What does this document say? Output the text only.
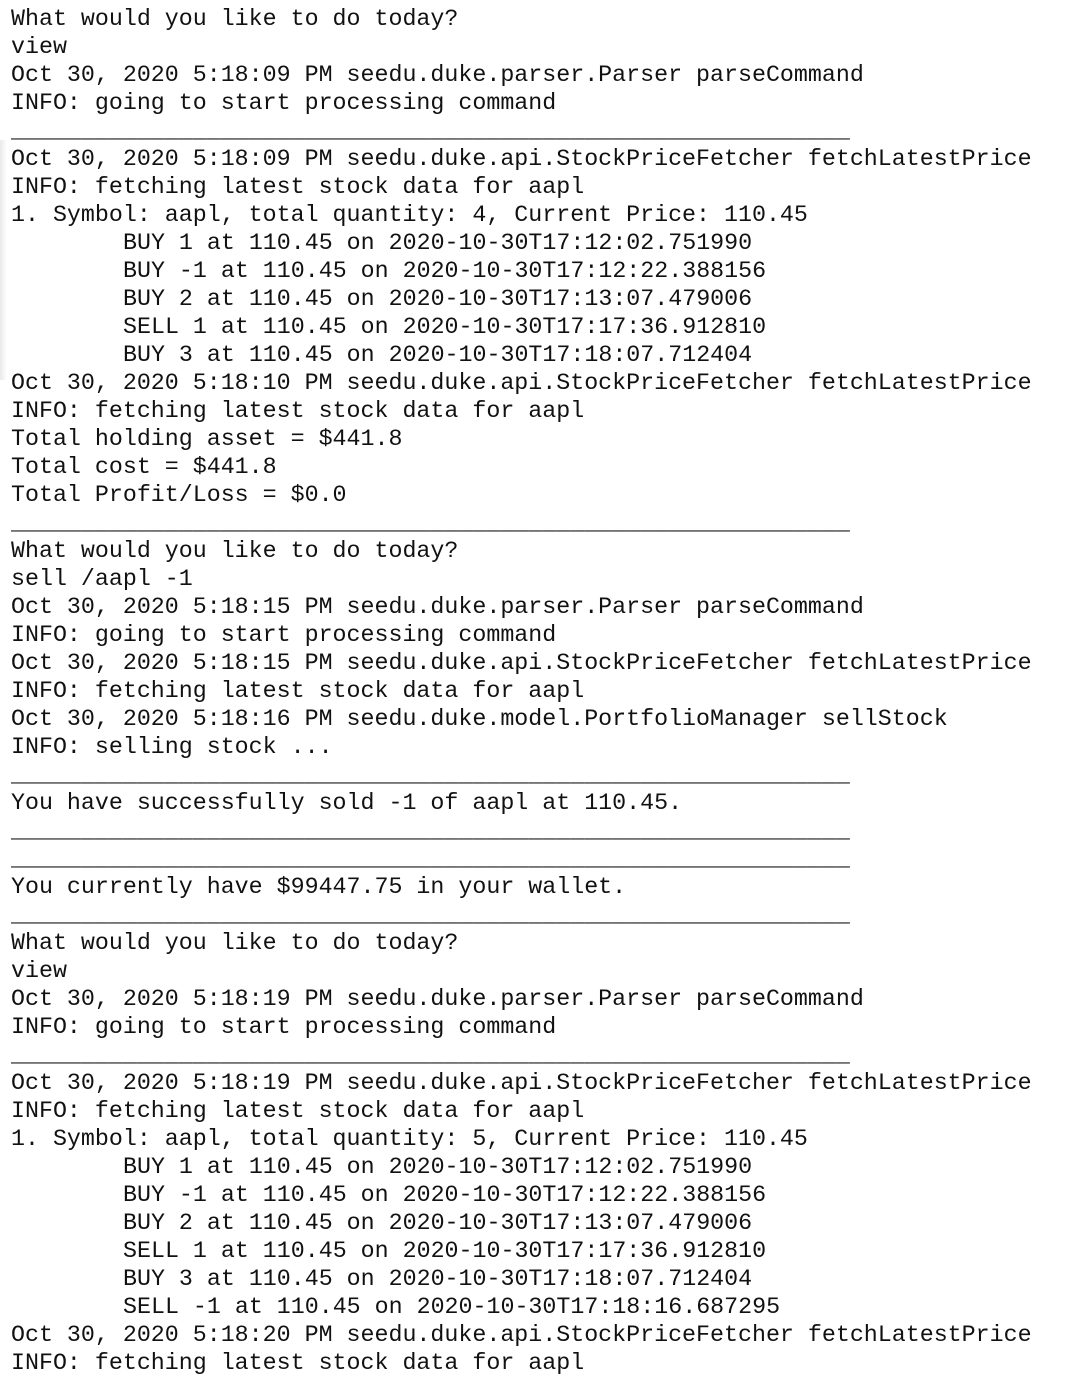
What would you like to do today?
view
Oct 30, 2020 5:18:09 PM seedu.duke.parser.Parser parseCommand
INFO: going to start processing command
____________________________________________________________
Oct 30, 2020 5:18:09 PM seedu.duke.api.StockPriceFetcher fetchLatestPrice
INFO: fetching latest stock data for aapl
1. Symbol: aapl, total quantity: 4, Current Price: 110.45
BUY 1 at 110.45 on 2020-10-30T17:12:02.751990
BUY -1 at 110.45 on 2020-10-30T17:12:22.388156
BUY 2 at 110.45 on 2020-10-30T17:13:07.479006
SELL 1 at 110.45 on 2020-10-30T17:17:36.912810
BUY 3 at 110.45 on 2020-10-30T17:18:07.712404
Oct 30, 2020 5:18:10 PM seedu.duke.api.StockPriceFetcher fetchLatestPrice
INFO: fetching latest stock data for aapl
Total holding asset = $441.8
Total cost = $441.8
Total Profit/Loss = $0.0
____________________________________________________________
What would you like to do today?
sell /aapl -1
Oct 30, 2020 5:18:15 PM seedu.duke.parser.Parser parseCommand
INFO: going to start processing command
Oct 30, 2020 5:18:15 PM seedu.duke.api.StockPriceFetcher fetchLatestPrice
INFO: fetching latest stock data for aapl
Oct 30, 2020 5:18:16 PM seedu.duke.model.PortfolioManager sellStock
INFO: selling stock ...
____________________________________________________________
You have successfully sold -1 of aapl at 110.45.
____________________________________________________________
____________________________________________________________
You currently have $99447.75 in your wallet.
____________________________________________________________
What would you like to do today?
view
Oct 30, 2020 5:18:19 PM seedu.duke.parser.Parser parseCommand
INFO: going to start processing command
____________________________________________________________
Oct 30, 2020 5:18:19 PM seedu.duke.api.StockPriceFetcher fetchLatestPrice
INFO: fetching latest stock data for aapl
1. Symbol: aapl, total quantity: 5, Current Price: 110.45
BUY 1 at 110.45 on 2020-10-30T17:12:02.751990
BUY -1 at 110.45 on 2020-10-30T17:12:22.388156
BUY 2 at 110.45 on 2020-10-30T17:13:07.479006
SELL 1 at 110.45 on 2020-10-30T17:17:36.912810
BUY 3 at 110.45 on 2020-10-30T17:18:07.712404
SELL -1 at 110.45 on 2020-10-30T17:18:16.687295
Oct 30, 2020 5:18:20 PM seedu.duke.api.StockPriceFetcher fetchLatestPrice
INFO: fetching latest stock data for aapl
